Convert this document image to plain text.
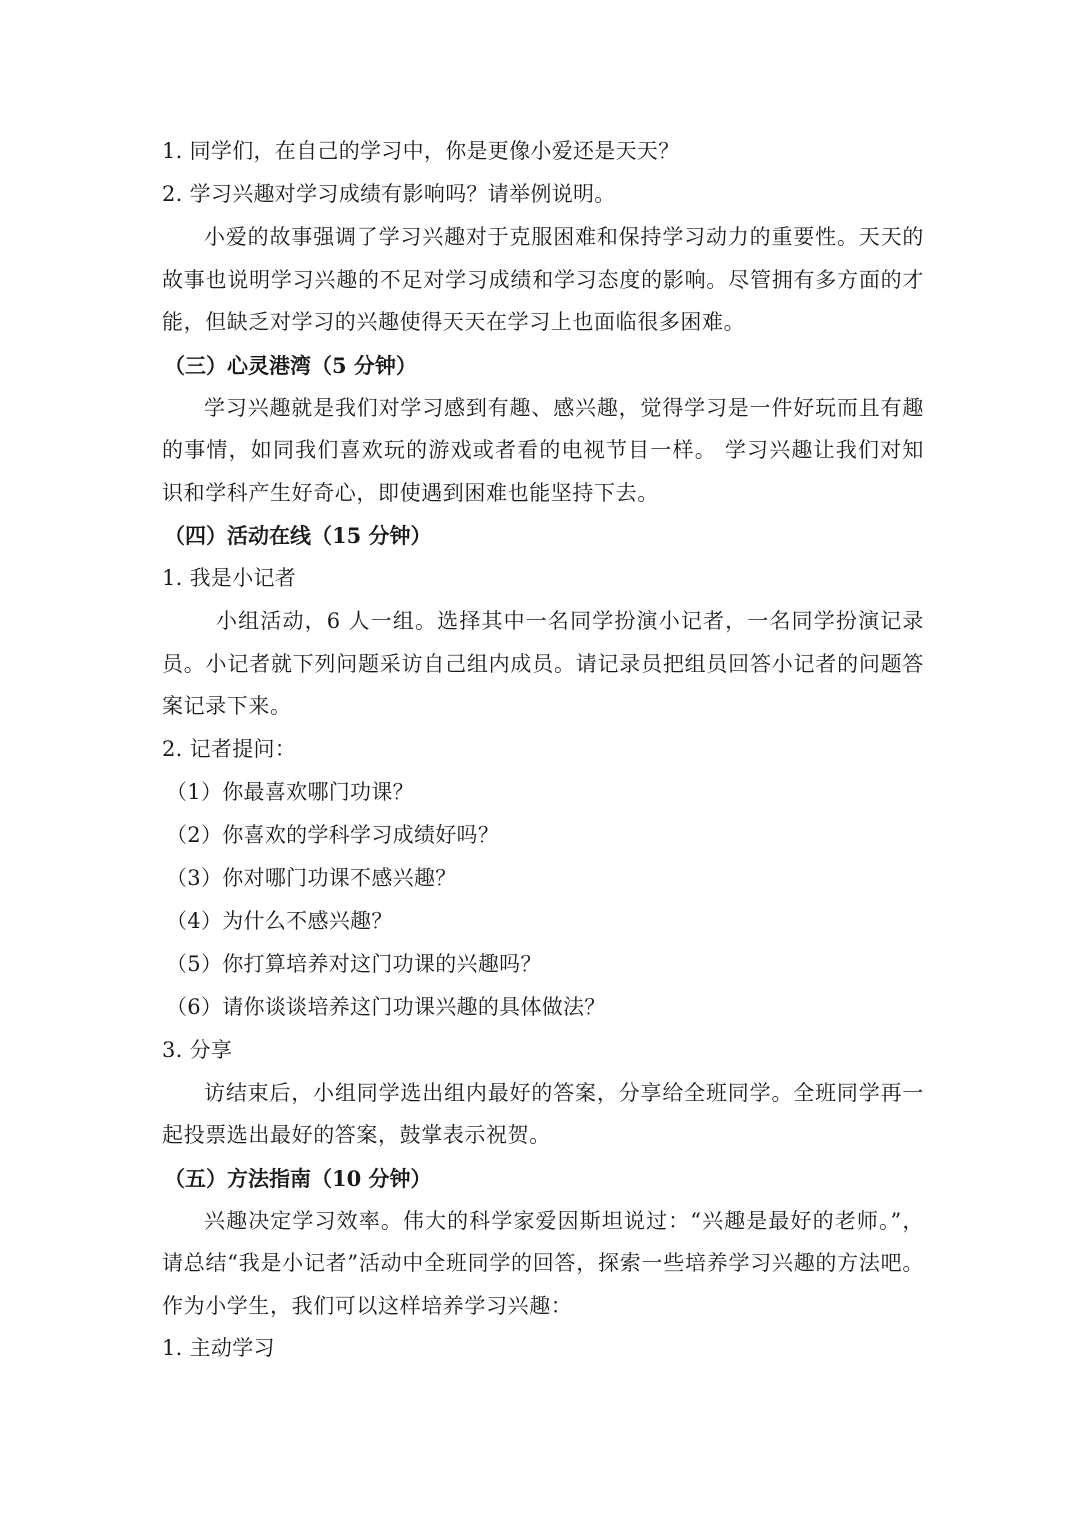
1. 同学们，在自己的学习中，你是更像小爱还是天天？
2. 学习兴趣对学习成绩有影响吗？请举例说明。
小爱的故事强调了学习兴趣对于克服困难和保持学习动力的重要性。天天的故事也说明学习兴趣的不足对学习成绩和学习态度的影响。尽管拥有多方面的才能，但缺乏对学习的兴趣使得天天在学习上也面临很多困难。
（三）心灵港湾（5 分钟）
学习兴趣就是我们对学习感到有趣、感兴趣，觉得学习是一件好玩而且有趣的事情，如同我们喜欢玩的游戏或者看的电视节目一样。 学习兴趣让我们对知识和学科产生好奇心，即使遇到困难也能坚持下去。
（四）活动在线（15 分钟）
1. 我是小记者
小组活动，6 人一组。选择其中一名同学扮演小记者，一名同学扮演记录员。小记者就下列问题采访自己组内成员。请记录员把组员回答小记者的问题答案记录下来。
2. 记者提问：
（1）你最喜欢哪门功课？
（2）你喜欢的学科学习成绩好吗？
（3）你对哪门功课不感兴趣？
（4）为什么不感兴趣？
（5）你打算培养对这门功课的兴趣吗？
（6）请你谈谈培养这门功课兴趣的具体做法？
3. 分享
访结束后，小组同学选出组内最好的答案，分享给全班同学。全班同学再一起投票选出最好的答案，鼓掌表示祝贺。
（五）方法指南（10 分钟）
兴趣决定学习效率。伟大的科学家爱因斯坦说过：“兴趣是最好的老师。”，请总结“我是小记者”活动中全班同学的回答，探索一些培养学习兴趣的方法吧。作为小学生，我们可以这样培养学习兴趣：
1. 主动学习
